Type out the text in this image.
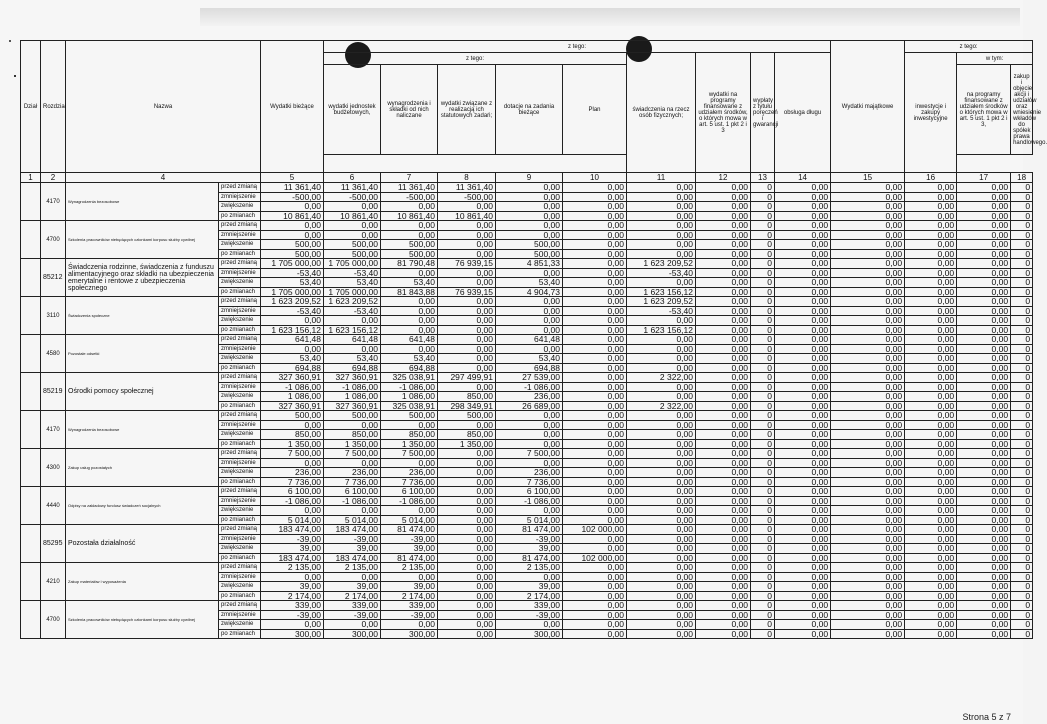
Dział	Rozdział	Nazwa		Wydatki bieżące	z tego:									Wydatki majątkowe	z tego:		
					z tego:					świadczenia na rzecz osób fizycznych;	wydatki na programy finansowane z udziałem środków, o których mowa w art. 5 ust. 1 pkt 2 i 3	wypłaty z tytułu poręczeń i gwarancji	obsługa długu		inwestycje i zakupy inwestycyjne	w tym:	
					wydatki jednostek budżetowych,	wynagrodzenia i składki od nich naliczane	wydatki związane z realizacją ich statutowych zadań;	dotacje na zadania bieżące	Plan							na programy finansowane z udziałem środków o których mowa w art. 5 ust. 1 pkt 2 i 3,	zakup i objęcie akcji i udziałów oraz wniesienie wkładów do spółek prawa handlowego.

1	2	4		5	6	7	8	9	10	11	12	13	14	15	16	17	18
	4170	Wynagrodzenia bezosobowe	przed zmianą	11 361,40	11 361,40	11 361,40	11 361,40	0,00	0,00	0,00	0,00	0	0,00	0,00	0,00	0,00	0
			zmniejszenie	-500,00	-500,00	-500,00	-500,00	0,00	0,00	0,00	0,00	0	0,00	0,00	0,00	0,00	0
			zwiększenie	0,00	0,00	0,00	0,00	0,00	0,00	0,00	0,00	0	0,00	0,00	0,00	0,00	0
			po zmianach	10 861,40	10 861,40	10 861,40	10 861,40	0,00	0,00	0,00	0,00	0	0,00	0,00	0,00	0,00	0
	4700	Szkolenia pracowników niebędących członkami korpusu służby cywilnej	przed zmianą	0,00	0,00	0,00	0,00	0,00	0,00	0,00	0,00	0	0,00	0,00	0,00	0,00	0
			zmniejszenie	0,00	0,00	0,00	0,00	0,00	0,00	0,00	0,00	0	0,00	0,00	0,00	0,00	0
			zwiększenie	500,00	500,00	500,00	0,00	500,00	0,00	0,00	0,00	0	0,00	0,00	0,00	0,00	0
			po zmianach	500,00	500,00	500,00	0,00	500,00	0,00	0,00	0,00	0	0,00	0,00	0,00	0,00	0
	85212	Świadczenia rodzinne, świadczenia z funduszu alimentacyjnego oraz składki na ubezpieczenia emerytalne i rentowe z ubezpieczenia społecznego	przed zmianą	1 705 000,00	1 705 000,00	81 790,48	76 939,15	4 851,33	0,00	1 623 209,52	0,00	0	0,00	0,00	0,00	0,00	0
			zmniejszenie	-53,40	-53,40	0,00	0,00	0,00	0,00	-53,40	0,00	0	0,00	0,00	0,00	0,00	0
			zwiększenie	53,40	53,40	53,40	0,00	53,40	0,00	0,00	0,00	0	0,00	0,00	0,00	0,00	0
			po zmianach	1 705 000,00	1 705 000,00	81 843,88	76 939,15	4 904,73	0,00	1 623 156,12	0,00	0	0,00	0,00	0,00	0,00	0
	3110	Świadczenia społeczne	przed zmianą	1 623 209,52	1 623 209,52	0,00	0,00	0,00	0,00	1 623 209,52	0,00	0	0,00	0,00	0,00	0,00	0
			zmniejszenie	-53,40	-53,40	0,00	0,00	0,00	0,00	-53,40	0,00	0	0,00	0,00	0,00	0,00	0
			zwiększenie	0,00	0,00	0,00	0,00	0,00	0,00	0,00	0,00	0	0,00	0,00	0,00	0,00	0
			po zmianach	1 623 156,12	1 623 156,12	0,00	0,00	0,00	0,00	1 623 156,12	0,00	0	0,00	0,00	0,00	0,00	0
	4580	Pozostałe odsetki	przed zmianą	641,48	641,48	641,48	0,00	641,48	0,00	0,00	0,00	0	0,00	0,00	0,00	0,00	0
			zmniejszenie	0,00	0,00	0,00	0,00	0,00	0,00	0,00	0,00	0	0,00	0,00	0,00	0,00	0
			zwiększenie	53,40	53,40	53,40	0,00	53,40	0,00	0,00	0,00	0	0,00	0,00	0,00	0,00	0
			po zmianach	694,88	694,88	694,88	0,00	694,88	0,00	0,00	0,00	0	0,00	0,00	0,00	0,00	0
	85219	Ośrodki pomocy społecznej	przed zmianą	327 360,91	327 360,91	325 038,91	297 499,91	27 539,00	0,00	2 322,00	0,00	0	0,00	0,00	0,00	0,00	0
			zmniejszenie	-1 086,00	-1 086,00	-1 086,00	0,00	-1 086,00	0,00	0,00	0,00	0	0,00	0,00	0,00	0,00	0
			zwiększenie	1 086,00	1 086,00	1 086,00	850,00	236,00	0,00	0,00	0,00	0	0,00	0,00	0,00	0,00	0
			po zmianach	327 360,91	327 360,91	325 038,91	298 349,91	26 689,00	0,00	2 322,00	0,00	0	0,00	0,00	0,00	0,00	0
	4170	Wynagrodzenia bezosobowe	przed zmianą	500,00	500,00	500,00	500,00	0,00	0,00	0,00	0,00	0	0,00	0,00	0,00	0,00	0
			zmniejszenie	0,00	0,00	0,00	0,00	0,00	0,00	0,00	0,00	0	0,00	0,00	0,00	0,00	0
			zwiększenie	850,00	850,00	850,00	850,00	0,00	0,00	0,00	0,00	0	0,00	0,00	0,00	0,00	0
			po zmianach	1 350,00	1 350,00	1 350,00	1 350,00	0,00	0,00	0,00	0,00	0	0,00	0,00	0,00	0,00	0
	4300	Zakup usług pozostałych	przed zmianą	7 500,00	7 500,00	7 500,00	0,00	7 500,00	0,00	0,00	0,00	0	0,00	0,00	0,00	0,00	0
			zmniejszenie	0,00	0,00	0,00	0,00	0,00	0,00	0,00	0,00	0	0,00	0,00	0,00	0,00	0
			zwiększenie	236,00	236,00	236,00	0,00	236,00	0,00	0,00	0,00	0	0,00	0,00	0,00	0,00	0
			po zmianach	7 736,00	7 736,00	7 736,00	0,00	7 736,00	0,00	0,00	0,00	0	0,00	0,00	0,00	0,00	0
	4440	Odpisy na zakładowy fundusz świadczeń socjalnych	przed zmianą	6 100,00	6 100,00	6 100,00	0,00	6 100,00	0,00	0,00	0,00	0	0,00	0,00	0,00	0,00	0
			zmniejszenie	-1 086,00	-1 086,00	-1 086,00	0,00	-1 086,00	0,00	0,00	0,00	0	0,00	0,00	0,00	0,00	0
			zwiększenie	0,00	0,00	0,00	0,00	0,00	0,00	0,00	0,00	0	0,00	0,00	0,00	0,00	0
			po zmianach	5 014,00	5 014,00	5 014,00	0,00	5 014,00	0,00	0,00	0,00	0	0,00	0,00	0,00	0,00	0
	85295	Pozostała działalność	przed zmianą	183 474,00	183 474,00	81 474,00	0,00	81 474,00	102 000,00	0,00	0,00	0	0,00	0,00	0,00	0,00	0
			zmniejszenie	-39,00	-39,00	-39,00	0,00	-39,00	0,00	0,00	0,00	0	0,00	0,00	0,00	0,00	0
			zwiększenie	39,00	39,00	39,00	0,00	39,00	0,00	0,00	0,00	0	0,00	0,00	0,00	0,00	0
			po zmianach	183 474,00	183 474,00	81 474,00	0,00	81 474,00	102 000,00	0,00	0,00	0	0,00	0,00	0,00	0,00	0
	4210	Zakup materiałów i wyposażenia	przed zmianą	2 135,00	2 135,00	2 135,00	0,00	2 135,00	0,00	0,00	0,00	0	0,00	0,00	0,00	0,00	0
			zmniejszenie	0,00	0,00	0,00	0,00	0,00	0,00	0,00	0,00	0	0,00	0,00	0,00	0,00	0
			zwiększenie	39,00	39,00	39,00	0,00	39,00	0,00	0,00	0,00	0	0,00	0,00	0,00	0,00	0
			po zmianach	2 174,00	2 174,00	2 174,00	0,00	2 174,00	0,00	0,00	0,00	0	0,00	0,00	0,00	0,00	0
	4700	Szkolenia pracowników niebędących członkami korpusu służby cywilnej	przed zmianą	339,00	339,00	339,00	0,00	339,00	0,00	0,00	0,00	0	0,00	0,00	0,00	0,00	0
			zmniejszenie	-39,00	-39,00	-39,00	0,00	-39,00	0,00	0,00	0,00	0	0,00	0,00	0,00	0,00	0
			zwiększenie	0,00	0,00	0,00	0,00	0,00	0,00	0,00	0,00	0	0,00	0,00	0,00	0,00	0
			po zmianach	300,00	300,00	300,00	0,00	300,00	0,00	0,00	0,00	0	0,00	0,00	0,00	0,00	0
Strona 5 z 7
